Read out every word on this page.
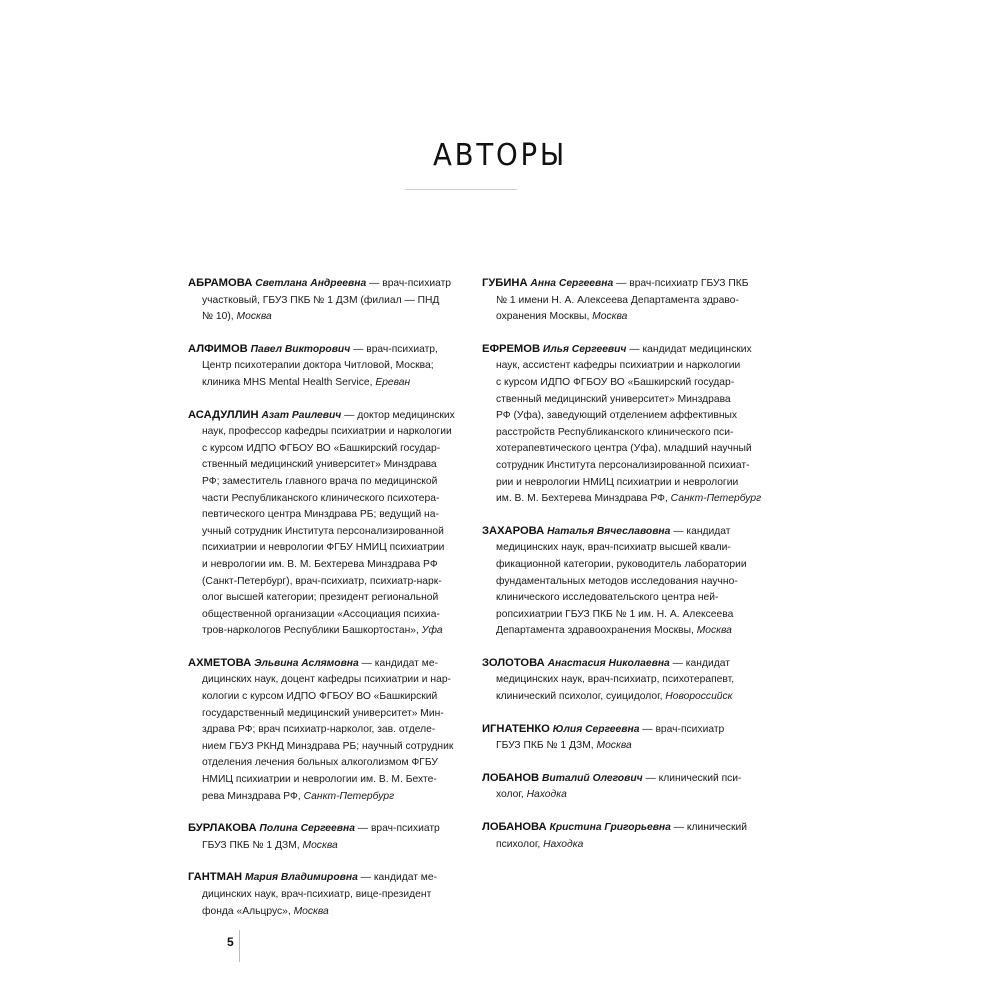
АВТОРЫ
АБРАМОВА Светлана Андреевна — врач-психиатр
участковый, ГБУЗ ПКБ № 1 ДЗМ (филиал — ПНД
№ 10), Москва
АЛФИМОВ Павел Викторович — врач-психиатр,
Центр психотерапии доктора Читловой, Москва;
клиника MHS Mental Health Service, Ереван
АСАДУЛЛИН Азат Раилевич — доктор медицинских
наук, профессор кафедры психиатрии и наркологии
с курсом ИДПО ФГБОУ ВО «Башкирский государ-
ственный медицинский университет» Минздрава
РФ; заместитель главного врача по медицинской
части Республиканского клинического психотера-
певтического центра Минздрава РБ; ведущий на-
учный сотрудник Института персонализированной
психиатрии и неврологии ФГБУ НМИЦ психиатрии
и неврологии им. В. М. Бехтерева Минздрава РФ
(Санкт-Петербург), врач-психиатр, психиатр-нарк-
олог высшей категории; президент региональной
общественной организации «Ассоциация психиа-
тров-наркологов Республики Башкортостан», Уфа
АХМЕТОВА Эльвина Аслямовна — кандидат ме-
дицинских наук, доцент кафедры психиатрии и нар-
кологии с курсом ИДПО ФГБОУ ВО «Башкирский
государственный медицинский университет» Мин-
здрава РФ; врач психиатр-нарколог, зав. отделе-
нием ГБУЗ РКНД Минздрава РБ; научный сотрудник
отделения лечения больных алкоголизмом ФГБУ
НМИЦ психиатрии и неврологии им. В. М. Бехте-
рева Минздрава РФ, Санкт-Петербург
БУРЛАКОВА Полина Сергеевна — врач-психиатр
ГБУЗ ПКБ № 1 ДЗМ, Москва
ГАНТМАН Мария Владимировна — кандидат ме-
дицинских наук, врач-психиатр, вице-президент
фонда «Альцрус», Москва
ГУБИНА Анна Сергеевна — врач-психиатр ГБУЗ ПКБ
№ 1 имени Н. А. Алексеева Департамента здраво-
охранения Москвы, Москва
ЕФРЕМОВ Илья Сергеевич — кандидат медицинских
наук, ассистент кафедры психиатрии и наркологии
с курсом ИДПО ФГБОУ ВО «Башкирский государ-
ственный медицинский университет» Минздрава
РФ (Уфа), заведующий отделением аффективных
расстройств Республиканского клинического пси-
хотерапевтического центра (Уфа), младший научный
сотрудник Института персонализированной психиат-
рии и неврологии НМИЦ психиатрии и неврологии
им. В. М. Бехтерева Минздрава РФ, Санкт-Петербург
ЗАХАРОВА Наталья Вячеславовна — кандидат
медицинских наук, врач-психиатр высшей квали-
фикационной категории, руководитель лаборатории
фундаментальных методов исследования научно-
клинического исследовательского центра ней-
ропсихиатрии ГБУЗ ПКБ № 1 им. Н. А. Алексеева
Департамента здравоохранения Москвы, Москва
ЗОЛОТОВА Анастасия Николаевна — кандидат
медицинских наук, врач-психиатр, психотерапевт,
клинический психолог, суицидолог, Новороссийск
ИГНАТЕНКО Юлия Сергеевна — врач-психиатр
ГБУЗ ПКБ № 1 ДЗМ, Москва
ЛОБАНОВ Виталий Олегович — клинический пси-
холог, Находка
ЛОБАНОВА Кристина Григорьевна — клинический
психолог, Находка
5
